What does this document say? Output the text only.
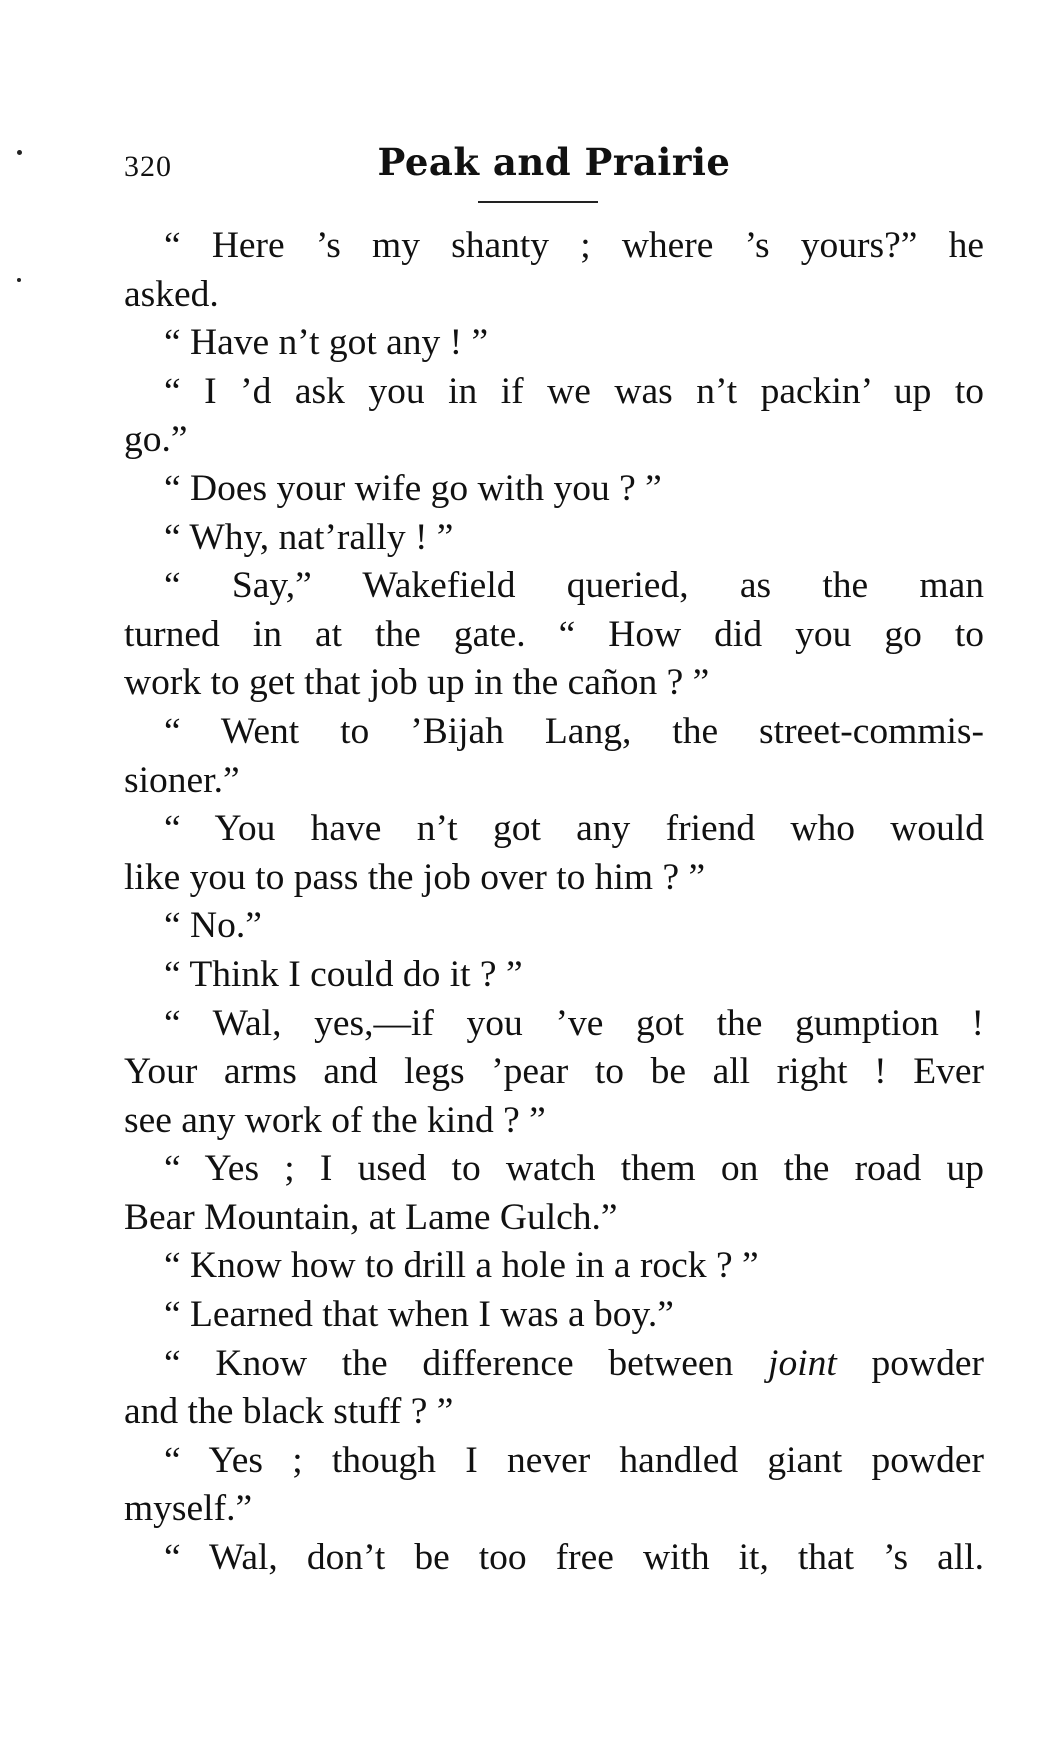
320	Peak and Prairie
“ Here ’s my shanty ; where ’s yours?” he
asked.
“ Have n’t got any ! ”
“ I ’d ask you in if we was n’t packin’ up to
go.”
“ Does your wife go with you ? ”
“ Why, nat’rally ! ”
“ Say,” Wakefield queried, as the man
turned in at the gate. “ How did you go to
work to get that job up in the cañon ? ”
“ Went to ’Bijah Lang, the street-commis-
sioner.”
“ You have n’t got any friend who would
like you to pass the job over to him ? ”
“ No.”
“ Think I could do it ? ”
“ Wal, yes,—if you ’ve got the gumption !
Your arms and legs ’pear to be all right ! Ever
see any work of the kind ? ”
“ Yes ; I used to watch them on the road up
Bear Mountain, at Lame Gulch.”
“ Know how to drill a hole in a rock ? ”
“ Learned that when I was a boy.”
“ Know the difference between joint powder
and the black stuff ? ”
“ Yes ; though I never handled giant powder
myself.”
“ Wal, don’t be too free with it, that ’s all.
